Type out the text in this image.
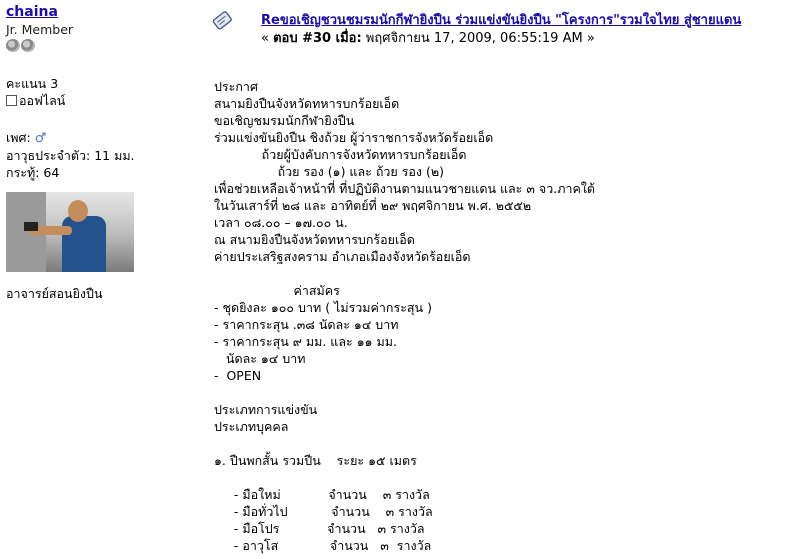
chaina
Jr. Member
คะแนน 3
ออฟไลน์
เพศ: ♂
อาวุธประจำตัว: 11 มม.
กระทู้: 64
อาจารย์สอนยิงปืน
Reขอเชิญชวนชมรมนักกีฬายิงปืน ร่วมแข่งขันยิงปืน "โครงการ"รวมใจไทย สู่ชายแดน
« ตอบ #30 เมื่อ: พฤศจิกายน 17, 2009, 06:55:19 AM »
ประกาศ
สนามยิงปืนจังหวัดทหารบกร้อยเอ็ด
ขอเชิญชมรมนักกีฬายิงปืน
ร่วมแข่งขันยิงปืน ชิงถ้วย ผู้ว่าราชการจังหวัดร้อยเอ็ด
ถ้วยผู้บังคับการจังหวัดทหารบกร้อยเอ็ด
ถ้วย รอง (๑) และ ถ้วย รอง (๒)
เพื่อช่วยเหลือเจ้าหน้าที่ ที่ปฏิบัติงานตามแนวชายแดน และ ๓ จว.ภาคใต้
ในวันเสาร์ที่ ๒๘ และ อาทิตย์ที่ ๒๙ พฤศจิกายน พ.ศ. ๒๕๕๒
เวลา ๐๘.๐๐ – ๑๗.๐๐ น.
ณ สนามยิงปืนจังหวัดทหารบกร้อยเอ็ด
ค่ายประเสริฐสงคราม อำเภอเมืองจังหวัดร้อยเอ็ด

ค่าสมัคร
- ชุดยิงละ ๑๐๐ บาท ( ไม่รวมค่ากระสุน )
- ราคากระสุน .๓๘ นัดละ ๑๔ บาท
- ราคากระสุน ๙ มม. และ ๑๑ มม.
นัดละ ๑๔ บาท
-  OPEN

ประเภทการแข่งขัน
ประเภทบุคคล

๑. ปืนพกสั้น รวมปืน    ระยะ ๑๕ เมตร

- มือใหม่            จำนวน    ๓ รางวัล
- มือทั่วไป           จำนวน    ๓ รางวัล
- มือโปร            จำนวน   ๓ รางวัล
- อาวุโส             จำนวน   ๓  รางวัล
